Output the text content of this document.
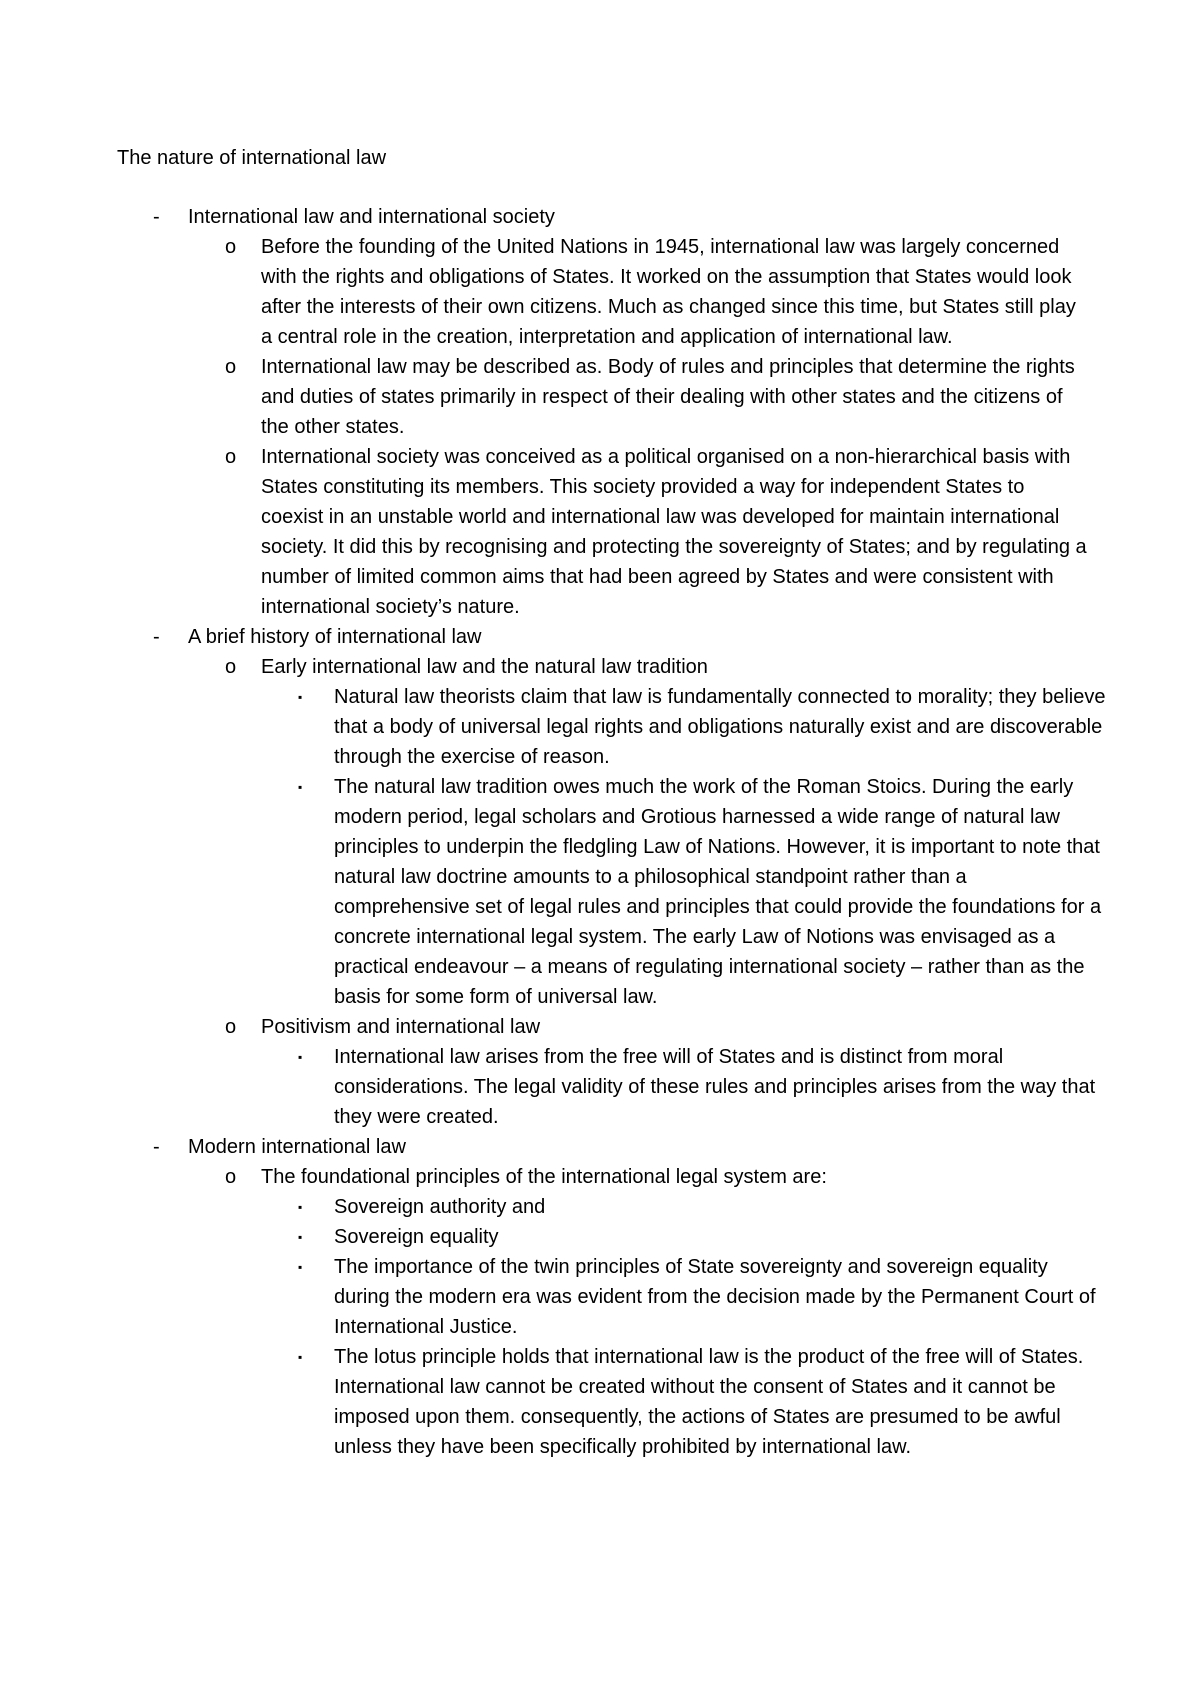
The nature of international law
- International law and international society
o Before the founding of the United Nations in 1945, international law was largely concerned with the rights and obligations of States. It worked on the assumption that States would look after the interests of their own citizens. Much as changed since this time, but States still play a central role in the creation, interpretation and application of international law.
o International law may be described as. Body of rules and principles that determine the rights and duties of states primarily in respect of their dealing with other states and the citizens of the other states.
o International society was conceived as a political organised on a non-hierarchical basis with States constituting its members. This society provided a way for independent States to coexist in an unstable world and international law was developed for maintain international society. It did this by recognising and protecting the sovereignty of States; and by regulating a number of limited common aims that had been agreed by States and were consistent with international society’s nature.
- A brief history of international law
o Early international law and the natural law tradition
▪ Natural law theorists claim that law is fundamentally connected to morality; they believe that a body of universal legal rights and obligations naturally exist and are discoverable through the exercise of reason.
▪ The natural law tradition owes much the work of the Roman Stoics. During the early modern period, legal scholars and Grotious harnessed a wide range of natural law principles to underpin the fledgling Law of Nations. However, it is important to note that natural law doctrine amounts to a philosophical standpoint rather than a comprehensive set of legal rules and principles that could provide the foundations for a concrete international legal system. The early Law of Notions was envisaged as a practical endeavour – a means of regulating international society – rather than as the basis for some form of universal law.
o Positivism and international law
▪ International law arises from the free will of States and is distinct from moral considerations. The legal validity of these rules and principles arises from the way that they were created.
- Modern international law
o The foundational principles of the international legal system are:
▪ Sovereign authority and
▪ Sovereign equality
▪ The importance of the twin principles of State sovereignty and sovereign equality during the modern era was evident from the decision made by the Permanent Court of International Justice.
▪ The lotus principle holds that international law is the product of the free will of States. International law cannot be created without the consent of States and it cannot be imposed upon them. consequently, the actions of States are presumed to be awful unless they have been specifically prohibited by international law.
